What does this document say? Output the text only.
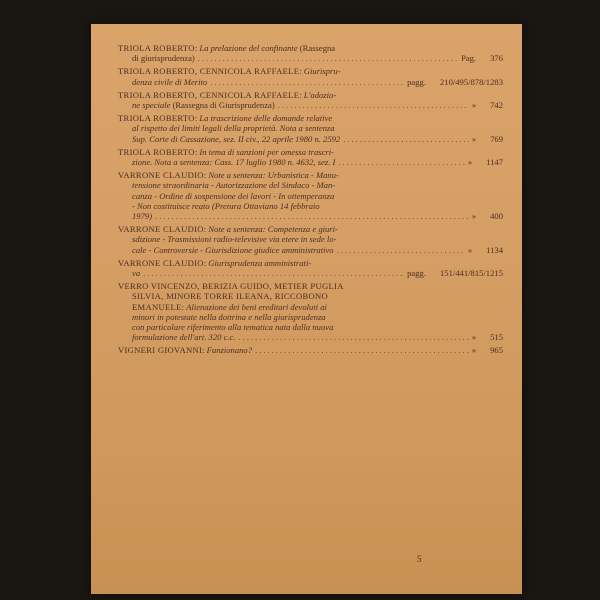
TRIOLA ROBERTO: La prelazione del confinante (Rassegna
di giurisprudenza) .....	Pag. 376
TRIOLA ROBERTO, CENNICOLA RAFFAELE: Giurispru-
denza civile di Merito .....	pagg. 210/495/878/1283
TRIOLA ROBERTO, CENNICOLA RAFFAELE: L'adozio-
ne speciale (Rassegna di Giurisprudenza) .....	» 742
TRIOLA ROBERTO: La trascrizione delle domande relative
al rispetto dei limiti legali della proprietà. Nota a sentenza
Sup. Corte di Cassazione, sez. II civ., 22 aprile 1980 n. 2592 .....	» 769
TRIOLA ROBERTO: In tema di sanzioni per omessa trascri-
zione. Nota a sentenza: Cass. 17 luglio 1980 n. 4632, sez. I .....	» 1147
VARRONE CLAUDIO: Note a sentenza: Urbanistica - Manu-
tensione straordinaria - Autorizzazione del Sindaco - Man-
canza - Ordine di sospensione dei lavori - In ottemperanza
- Non costituisce reato (Pretura Ottaviano 14 febbraio
1979) .....	» 400
VARRONE CLAUDIO: Note a sentenza: Competenza e giuri-
sdizione - Trasmissioni radio-televisive via etere in sede lo-
cale - Controversie - Giurisdizione giudice amministrativo .....	» 1134
VARRONE CLAUDIO: Giurisprudenza amministrati-
va .....	pagg. 151/441/815/1215
VERRO VINCENZO, BERIZIA GUIDO, METIER PUGLIA
SILVIA, MINORE TORRE ILEANA, RICCOBONO
EMANUELE: Alienazione dei beni ereditari devoluti ai
minori in potestate nella dottrina e nella giurisprudenza
con particolare riferimento alla tematica nata dalla nuova
formulazione dell'art. 320 c.c. .....	» 515
VIGNERI GIOVANNI: Funzionano? .....	» 965
5
